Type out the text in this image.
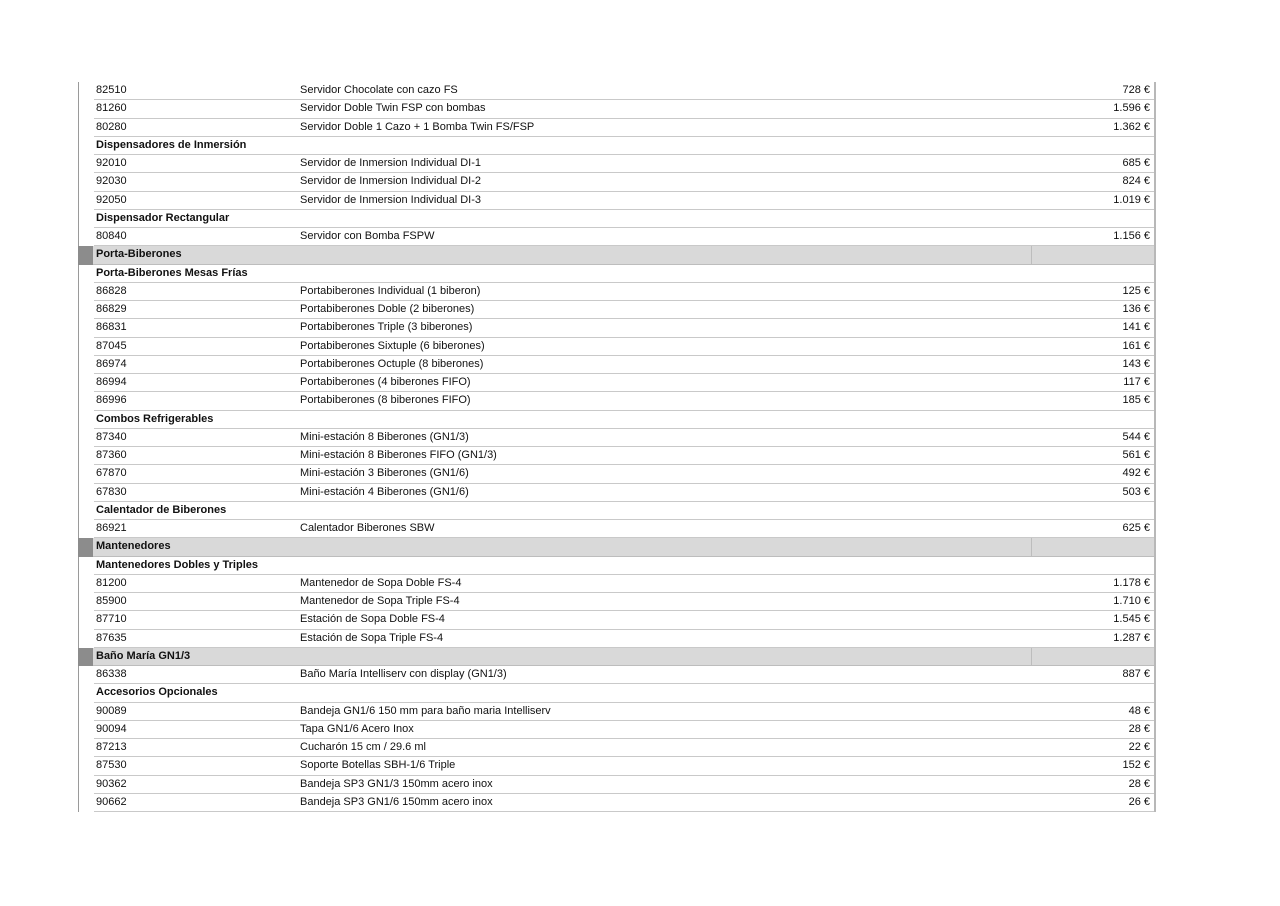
82510	Servidor Chocolate con cazo FS	728 €
81260	Servidor Doble Twin FSP con bombas	1.596 €
80280	Servidor Doble 1 Cazo + 1 Bomba Twin FS/FSP	1.362 €
Dispensadores de Inmersión
92010	Servidor de Inmersion Individual DI-1	685 €
92030	Servidor de Inmersion Individual DI-2	824 €
92050	Servidor de Inmersion Individual DI-3	1.019 €
Dispensador Rectangular
80840	Servidor con Bomba FSPW	1.156 €
Porta-Biberones
Porta-Biberones Mesas Frías
86828	Portabiberones Individual (1 biberon)	125 €
86829	Portabiberones Doble (2 biberones)	136 €
86831	Portabiberones Triple (3 biberones)	141 €
87045	Portabiberones Sixtuple (6 biberones)	161 €
86974	Portabiberones Octuple (8 biberones)	143 €
86994	Portabiberones (4 biberones FIFO)	117 €
86996	Portabiberones (8 biberones FIFO)	185 €
Combos Refrigerables
87340	Mini-estación 8 Biberones (GN1/3)	544 €
87360	Mini-estación 8 Biberones FIFO (GN1/3)	561 €
67870	Mini-estación 3 Biberones (GN1/6)	492 €
67830	Mini-estación 4 Biberones (GN1/6)	503 €
Calentador de Biberones
86921	Calentador Biberones SBW	625 €
Mantenedores
Mantenedores Dobles y Triples
81200	Mantenedor de Sopa Doble FS-4	1.178 €
85900	Mantenedor de Sopa Triple FS-4	1.710 €
87710	Estación de Sopa Doble FS-4	1.545 €
87635	Estación de Sopa Triple FS-4	1.287 €
Baño María GN1/3
86338	Baño María Intelliserv con display (GN1/3)	887 €
Accesorios Opcionales
90089	Bandeja GN1/6 150 mm para baño maria Intelliserv	48 €
90094	Tapa GN1/6 Acero Inox	28 €
87213	Cucharón 15 cm / 29.6 ml	22 €
87530	Soporte Botellas SBH-1/6 Triple	152 €
90362	Bandeja SP3 GN1/3 150mm acero inox	28 €
90662	Bandeja SP3 GN1/6 150mm acero inox	26 €
